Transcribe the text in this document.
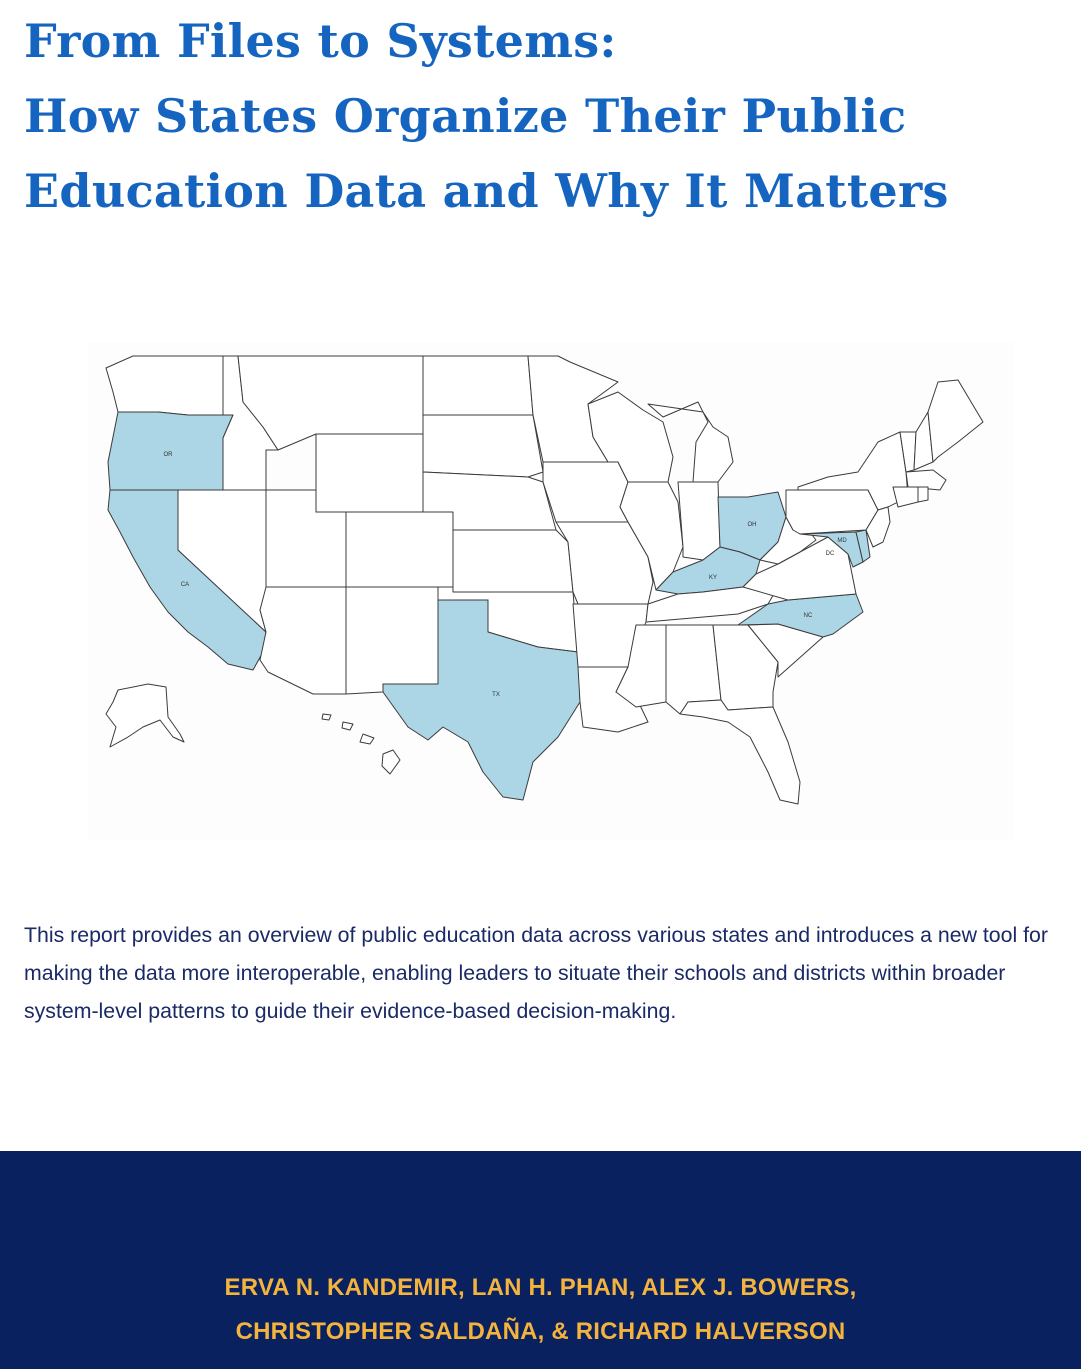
From Files to Systems:
How States Organize Their Public
Education Data and Why It Matters
OR
CA
TX
OH
KY
NC
MD
DC
This report provides an overview of public education data across various states and introduces a new tool for making the data more interoperable, enabling leaders to situate their schools and districts within broader system-level patterns to guide their evidence-based decision-making.
ERVA N. KANDEMIR, LAN H. PHAN, ALEX J. BOWERS,
CHRISTOPHER SALDAÑA, & RICHARD HALVERSON
